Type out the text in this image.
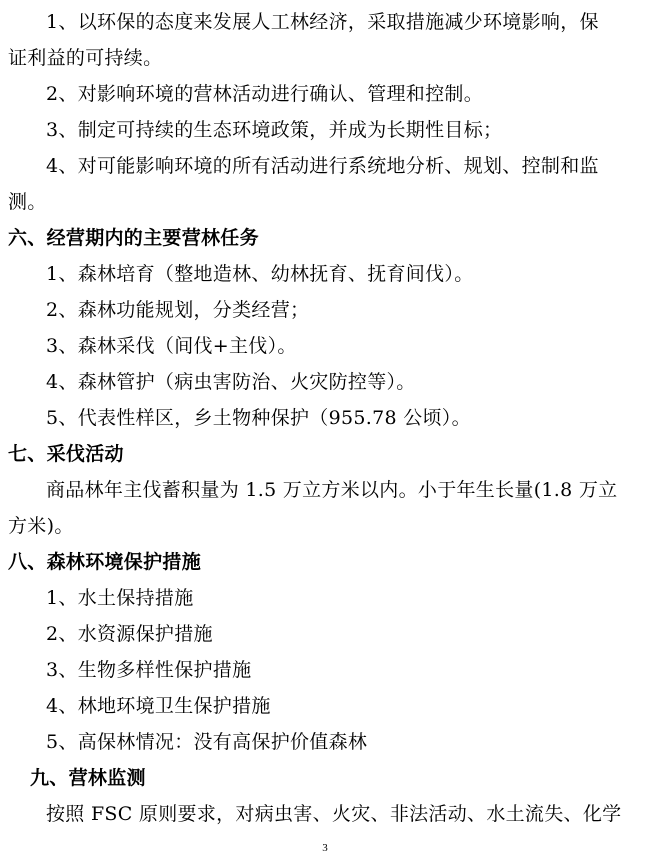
1、以环保的态度来发展人工林经济，采取措施减少环境影响，保
证利益的可持续。
2、对影响环境的营林活动进行确认、管理和控制。
3、制定可持续的生态环境政策，并成为长期性目标；
4、对可能影响环境的所有活动进行系统地分析、规划、控制和监
测。
六、经营期内的主要营林任务
1、森林培育（整地造林、幼林抚育、抚育间伐）。
2、森林功能规划，分类经营；
3、森林采伐（间伐+主伐）。
4、森林管护（病虫害防治、火灾防控等）。
5、代表性样区，乡土物种保护（955.78 公顷）。
七、采伐活动
商品林年主伐蓄积量为 1.5 万立方米以内。小于年生长量(1.8 万立
方米)。
八、森林环境保护措施
1、水土保持措施
2、水资源保护措施
3、生物多样性保护措施
4、林地环境卫生保护措施
5、高保林情况：没有高保护价值森林
九、营林监测
按照 FSC 原则要求，对病虫害、火灾、非法活动、水土流失、化学
3
